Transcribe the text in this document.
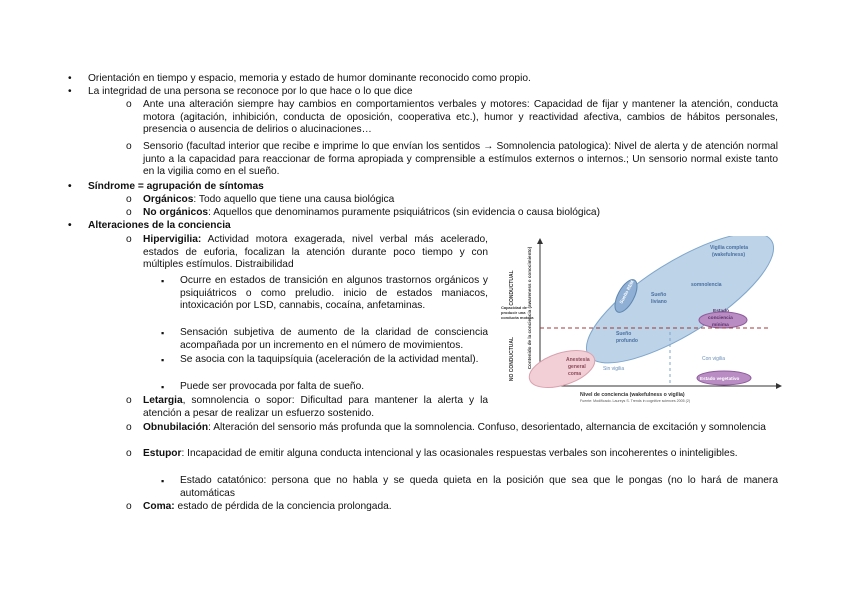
• Orientación en tiempo y espacio, memoria y estado de humor dominante reconocido como propio.

• La integridad de una persona se reconoce por lo que hace o lo que dice

o Ante una alteración siempre hay cambios en comportamientos verbales y motores: Capacidad de fijar y mantener la atención, conducta motora (agitación, inhibición, conducta de oposición, cooperativa etc.), humor y reactividad afectiva, cambios de hábitos personales, presencia o ausencia de delirios o alucinaciones…

o Sensorio (facultad interior que recibe e imprime lo que envían los sentidos → Somnolencia patologica): Nivel de alerta y de atención normal junto a la capacidad para reaccionar de forma apropiada y comprensible a estímulos externos o internos.; Un sensorio normal existe tanto en la vigilia como en el sueño.

• Síndrome = agrupación de síntomas

o Orgánicos: Todo aquello que tiene una causa biológica

o No orgánicos: Aquellos que denominamos puramente psiquiátricos (sin evidencia o causa biológica)

• Alteraciones de la conciencia

o Hipervigilia: Actividad motora exagerada, nivel verbal más acelerado, estados de euforia, focalizan la atención durante poco tiempo y con múltiples estímulos. Distraibilidad

▪ Ocurre en estados de transición en algunos trastornos orgánicos y psiquiátricos o como preludio. inicio de estados maniacos, intoxicación por LSD, cannabis, cocaína, anfetaminas.

▪ Sensación subjetiva de aumento de la claridad de consciencia acompañada por un incremento en el número de movimientos.

▪ Se asocia con la taquipsíquia (aceleración de la actividad mental).

▪ Puede ser provocada por falta de sueño.

o Letargia, somnolencia o sopor: Dificultad para mantener la alerta y la atención a pesar de realizar un esfuerzo sostenido.

o Obnubilación: Alteración del sensorio más profunda que la somnolencia. Confuso, desorientado, alternancia de excitación y somnolencia

o Estupor: Incapacidad de emitir alguna conducta intencional y las ocasionales respuestas verbales son incoherentes o ininteligibles.

▪ Estado catatónico: persona que no habla y se queda quieta en la posición que sea que le pongas (no lo hará de manera automáticas

o Coma: estado de pérdida de la conciencia prolongada.

CONDUCTUAL
NO CONDUCTUAL	Contenido de la conciencia (awareness o conocimiento)
Capacidad de
producir una
conducta motora
Vigilia completa
(wakefulness)
somnolencia
Sueño REM	Sueño
liviano
Sueño
profundo
Estado
conciencia
mínima
Anestesia
general
coma
Sin vigilia
Con vigilia
Estado vegetativo
Nivel de conciencia (wakefulness o vigilia)
Fuente: Modificado. Laureys S. Trends in cognitive sciences 2005 (2)
